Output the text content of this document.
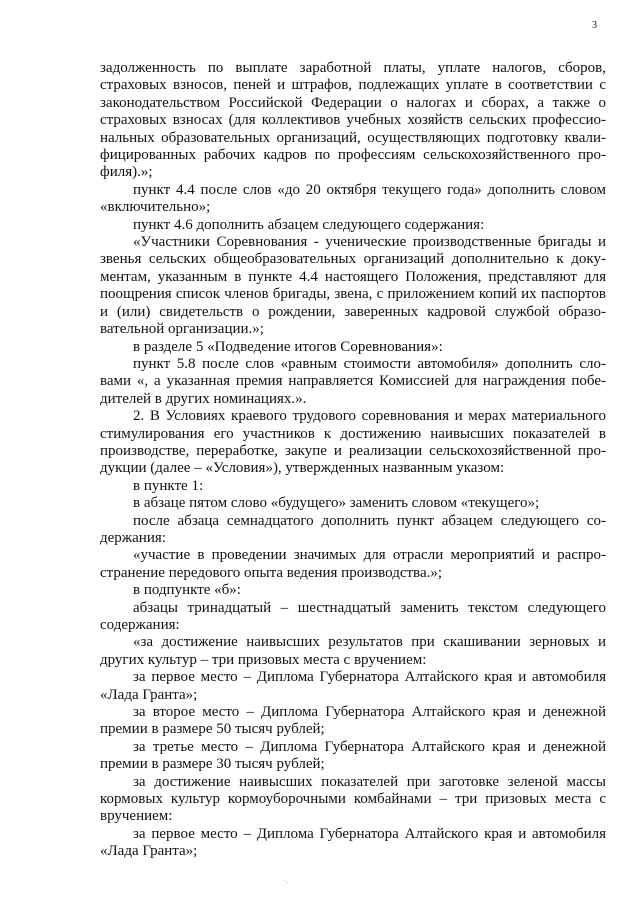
3

задолженность по выплате заработной платы, уплате налогов, сборов, страховых взносов, пеней и штрафов, подлежащих уплате в соответствии с законодательством Российской Федерации о налогах и сборах, а также о страховых взносах (для коллективов учебных хозяйств сельских профессиональных образовательных организаций, осуществляющих подготовку квалифицированных рабочих кадров по профессиям сельскохозяйственного профиля).»;

пункт 4.4 после слов «до 20 октября текущего года» дополнить словом «включительно»;

пункт 4.6 дополнить абзацем следующего содержания:

«Участники Соревнования - ученические производственные бригады и звенья сельских общеобразовательных организаций дополнительно к документам, указанным в пункте 4.4 настоящего Положения, представляют для поощрения список членов бригады, звена, с приложением копий их паспортов и (или) свидетельств о рождении, заверенных кадровой службой образовательной организации.»;

в разделе 5 «Подведение итогов Соревнования»:

пункт 5.8 после слов «равным стоимости автомобиля» дополнить словами «, а указанная премия направляется Комиссией для награждения победителей в других номинациях.».

2. В Условиях краевого трудового соревнования и мерах материального стимулирования его участников к достижению наивысших показателей в производстве, переработке, закупе и реализации сельскохозяйственной продукции (далее – «Условия»), утвержденных названным указом:

в пункте 1:

в абзаце пятом слово «будущего» заменить словом «текущего»;

после абзаца семнадцатого дополнить пункт абзацем следующего содержания:

«участие в проведении значимых для отрасли мероприятий и распространение передового опыта ведения производства.»;

в подпункте «б»:

абзацы тринадцатый – шестнадцатый заменить текстом следующего содержания:

«за достижение наивысших результатов при скашивании зерновых и других культур – три призовых места с вручением:

за первое место – Диплома Губернатора Алтайского края и автомобиля «Лада Гранта»;

за второе место – Диплома Губернатора Алтайского края и денежной премии в размере 50 тысяч рублей;

за третье место – Диплома Губернатора Алтайского края и денежной премии в размере 30 тысяч рублей;

за достижение наивысших показателей при заготовке зеленой массы кормовых культур кормоуборочными комбайнами – три призовых места с вручением:

за первое место – Диплома Губернатора Алтайского края и автомобиля «Лада Гранта»;

·.·
